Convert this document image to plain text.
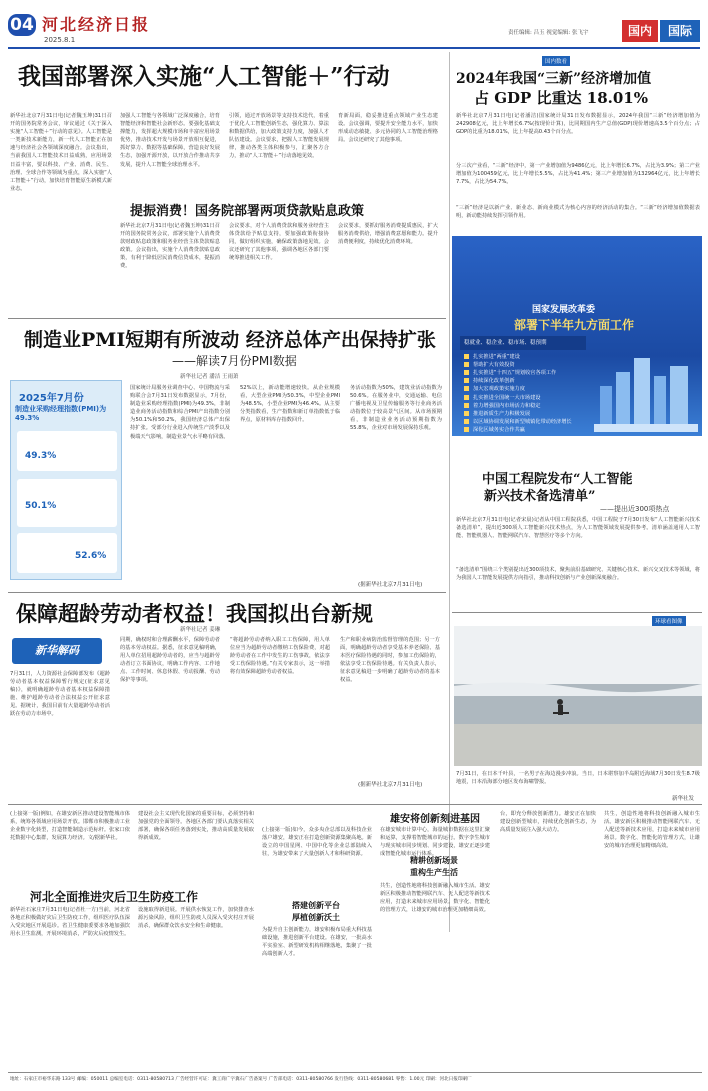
04 河北经济日报
2025.8.1
责任编辑: 吕玉 视觉编辑: 张飞宇	国内	国际
我国部署深入实施“人工智能＋”行动
新华社北京7月31日电(记者魏玉坤)31日召开的国务院常务会议，审议通过《关于深入实施“人工智能＋”行动的意见》。人工智能是一类新技术新能力，新一代人工智能正在加速与经济社会各领域深度融合。会议指出，当前我国人工智能技术日益成熟，应用场景日益丰富，要以科技、产业、消费、民生、治理、全球合作等领域为重点，深入实施“人工智能＋”行动，加快培育智能原生新模式新业态。
加强人工智能与各领域广泛深度融合，培育智能经济和智能社会新形态。要强化基础支撑能力，发挥超大规模市场和丰富应用场景优势，推动技术开发与场景开放相互促进，抓好算力、数据等基础保障，营造良好发展生态，加强开源开放，以开放合作推动共享发展，提升人工智能全球治理水平。
引领，通过开放场景等支持技术迭代，着重于优化人工智能创新生态，强化算力、算法和数据供给，加大政策支持力度，加强人才队伍建设。会议要求，把握人工智能发展规律，推动各类主体积极参与，汇聚各方合力，推动“人工智能＋”行动落地见效。
育新局面，稳妥推进重点领域产业生态建设。会议强调，要提升安全能力水平，加快形成动态敏捷、多元协同的人工智能治理格局。会议还研究了其他事项。
提振消费！国务院部署两项贷款贴息政策
新华社北京7月31日电(记者魏玉坤)31日召开的国务院常务会议，部署实施个人消费贷款财政贴息政策和服务业经营主体贷款贴息政策。会议指出，实施个人消费贷款贴息政策，有利于降低居民消费信贷成本，提振消费。
会议要求，对个人消费贷款和服务业经营主体贷款给予贴息支持，要加强政策衔接协同，做好组织实施，确保政策落地见效。会议还研究了其他事项，强调各地区各部门要统筹推进相关工作。
会议要求，要抓好服务消费提质惠民，扩大服务消费供给，增强消费意愿和能力。提升消费便利度，持续优化消费环境。
制造业PMI短期有所波动 经济总体产出保持扩张
——解读7月份PMI数据
新华社记者 潘洁 王雨萧
2025年7月份
制造业采购经理指数(PMI)为49.3%
49.3%
50.1%
52.6%
国家统计局服务业调查中心、中国物流与采购联合会7月31日发布数据显示，7月份，制造业采购经理指数(PMI)为49.3%，非制造业商务活动指数和综合PMI产出指数分别为50.1%和50.2%，我国经济总体产出保持扩张。受部分行业进入传统生产淡季以及极端天气影响，制造业景气水平略有回落。
52%以上，新动能增速较快。从企业规模看，大型企业PMI为50.3%，中型企业PMI为48.5%，小型企业PMI为46.4%。从主要分类指数看，生产指数和新订单指数低于临界点，原材料库存指数回升。
务活动指数为50%，建筑业活动指数为50.6%。在服务业中，交通运输、电信广播电视及卫星传输服务等行业商务活动指数位于较高景气区间。从市场预期看，非制造业业务活动预期指数为55.8%，企业对市场发展保持乐观。
(据新华社北京7月31日电)
保障超龄劳动者权益！我国拟出台新规
新华社记者 姜琳
新华解码
7月31日，人力资源社会保障部发布《超龄劳动者基本权益保障暂行规定(征求意见稿)》，就明确超龄劳动者基本权益保障措施、维护超龄劳动者合法权益公开征求意见。据统计，我国目前有大量超龄劳动者活跃在劳动力市场中。
同期，确权时和合理薪酬水平，保障劳动者的基本劳动权益。据悉，征求意见稿明确，用人单位招用超龄劳动者的，应当与超龄劳动者订立书面协议，明确工作内容、工作地点、工作时间、休息休假、劳动报酬、劳动保护等事项。
“将超龄劳动者纳入职工工伤保障，用人单位应当为超龄劳动者缴纳工伤保险费，对超龄劳动者在工作中发生的工伤事故，依法享受工伤保险待遇。”有关专家表示，这一举措将有效保障超龄劳动者权益。
生产和职业病防治监督管理的范围；另一方面，明确超龄劳动者享受基本养老保险、基本医疗保险待遇的同时，参加工伤保险的，依法享受工伤保险待遇。有关负责人表示，征求意见稿进一步明确了超龄劳动者的基本权益。
(据新华社北京7月31日电)
国内数看
2024年我国“三新”经济增加值
占 GDP 比重达 18.01%
新华社北京7月31日电(记者潘洁)国家统计局31日发布数据显示，2024年我国“三新”经济增加值为242908亿元，比上年增长6.7%(按现价计算)，比同期国内生产总值(GDP)现价增速高3.5个百分点；占GDP的比重为18.01%，比上年提高0.43个百分点。
分三次产业看，“三新”经济中，第一产业增加值为9486亿元，比上年增长6.7%，占比为3.9%；第二产业增加值为100459亿元，比上年增长5.5%，占比为41.4%；第三产业增加值为132964亿元，比上年增长7.7%，占比为54.7%。
“三新”经济是以新产业、新业态、新商业模式为核心内容的经济活动的集合。“三新”经济增加值数据表明，新动能持续发挥引领作用。
国家发展改革委
部署下半年九方面工作
稳就业、稳企业、稳市场、稳预期
扎实推进“两重”建设
帮助扩大有效投资
扎实推进“十四五”规划收官各项工作
持续深化改革创新
加大宏观政策实施力度
扎实推进全国统一大市场建设
着力增强国内市场活力和稳定
推进新质生产力积极发展
以区域协调发展和新型城镇化带动经济增长
深化区域务实合作共赢
中国工程院发布“人工智能
新兴技术备选清单”
——提出近300项热点
新华社北京7月31日电(记者宋晨)记者从中国工程院获悉，中国工程院于7月30日发布“人工智能新兴技术备选清单”，提出近300项人工智能新兴技术热点，为人工智能领域发展提供参考。清单涵盖通用人工智能、智能机器人、智能网联汽车、智慧医疗等多个方向。
“备选清单”围绕三个类别提出近300项技术，聚焦前沿基础研究、关键核心技术、新兴交叉技术等领域，将为我国人工智能发展提供方向指引，推动科技创新与产业创新深度融合。
环球看图像
7月31日，在日本千叶县，一名男子在海边漫步冲浪。当日，日本堪察加半岛附近海域7月30日发生8.7级地震，日本沿海部分地区发布海啸警报。
新华社发
(上接第一版)例如，在雄安新区推动建设智能城市体系，统筹各领域应用场景开放。邯郸市积极推动工业企业数字化转型，打造智能制造示范标杆。张家口依托数据中心集群，发展算力经济。文/据新华社。
河北全面推进灾后卫生防疫工作
新华社石家庄7月31日电(记者杜一方)当前，河北省各地正积极做好灾后卫生防疫工作，组织医疗队伍深入受灾地区开展巡诊。省卫生健康委要求各地加强饮用水卫生监测，开展环境消杀，严防灾后疫情发生。
建设社会主义现代化国家的重要目标，必须坚持和加强党的全面领导。各地区各部门要认真落实相关部署，确保各项任务落到实处，推动高质量发展取得新成效。
设施取得新进展。开展供水恢复工作，加快排查水源污染风险，组织卫生防疫人员深入受灾村庄开展消杀，确保群众饮水安全和生命健康。
雄安将创新刻进基因
(上接第一版)如今，众多央企总部以及科技企业落户雄安，雄安正在打造创新资源集聚高地。新设立的中国星网、中国中化等企业总部陆续入驻，为雄安带来了大量创新人才和科研资源。
搭建创新平台
厚植创新沃土
为提升自主创新能力，雄安积极布局重大科技基础设施，推进创新平台建设。在雄安，一批高水平实验室、新型研发机构相继落地，集聚了一批高端创新人才。
在雄安城市计算中心，海量城市数据在这里汇聚和运算，支撑着智能城市的运行。数字孪生城市与现实城市同步规划、同步建设，雄安正逐步建成智能化城市运行体系。
精耕创新场景
重构生产生活
共生，创造性地将科技创新融入城市生活。雄安新区积极推动智能网联汽车、无人配送等新技术应用，打造未来城市应用场景。数字化、智能化的管理方式，让雄安的城市治理更加精细高效。
台，即充分释放创新潜力。雄安正在加快建设创新型城市，持续优化创新生态，为高质量发展注入强大动力。
共生，创造性地将科技创新融入城市生活。雄安新区积极推动智能网联汽车、无人配送等新技术应用，打造未来城市应用场景。数字化、智能化的管理方式，让雄安的城市治理更加精细高效。
地址：石家庄市裕华东路 133号 邮编：050011 总编室电话：0311-80580713 广告经营许可证：冀工商广字冀石广告备案号 广告部电话：0311-80580766 发行热线：0311-80580681 零售：1.00元 印刷：河北日报印刷厂
